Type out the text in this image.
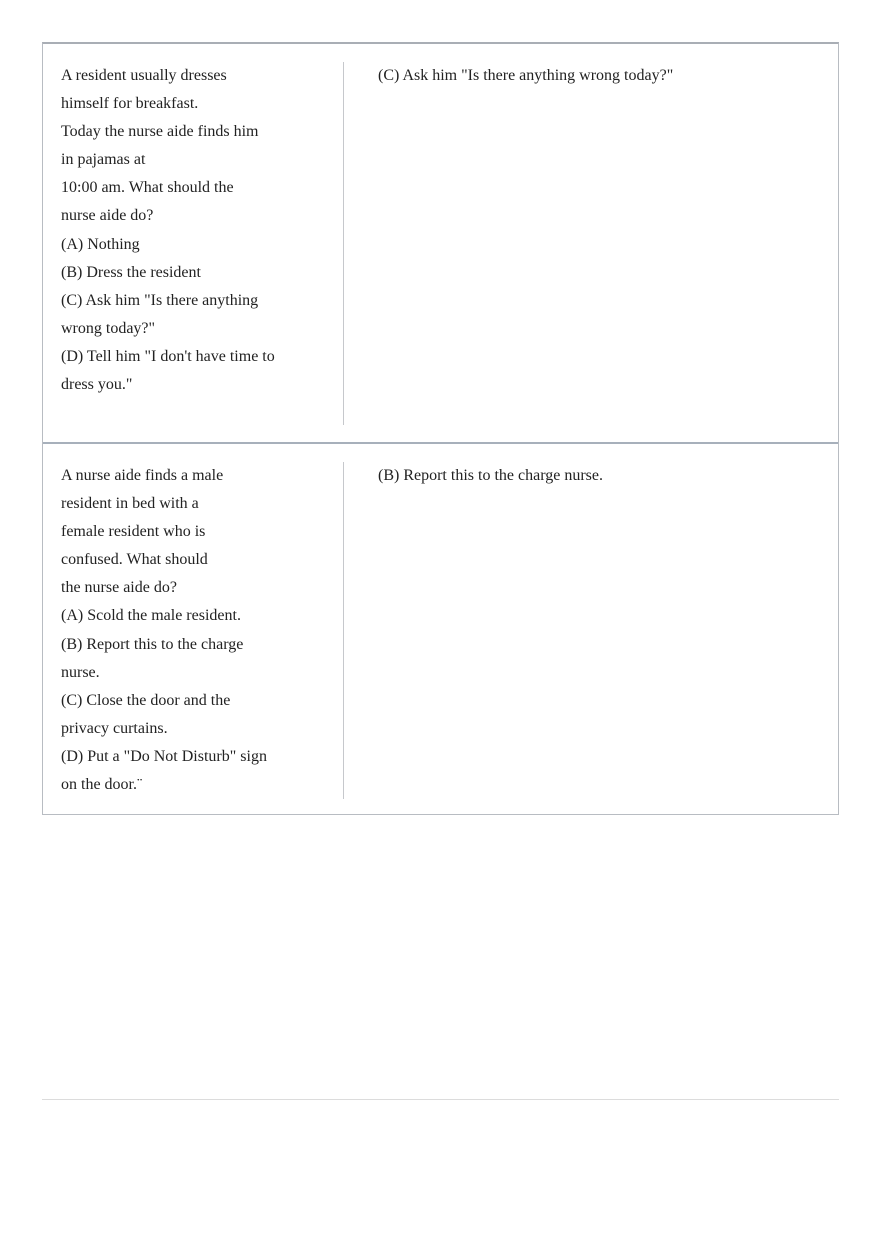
A resident usually dresses
himself for breakfast.
Today the nurse aide finds him
in pajamas at
10:00 am. What should the
nurse aide do?
(A) Nothing
(B) Dress the resident
(C) Ask him "Is there anything
wrong today?"
(D) Tell him "I don't have time to
dress you."
(C) Ask him "Is there anything wrong today?"
A nurse aide finds a male
resident in bed with a
female resident who is
confused. What should
the nurse aide do?
(A) Scold the male resident.
(B) Report this to the charge
nurse.
(C) Close the door and the
privacy curtains.
(D) Put a "Do Not Disturb" sign
on the door.¨
(B) Report this to the charge nurse.
